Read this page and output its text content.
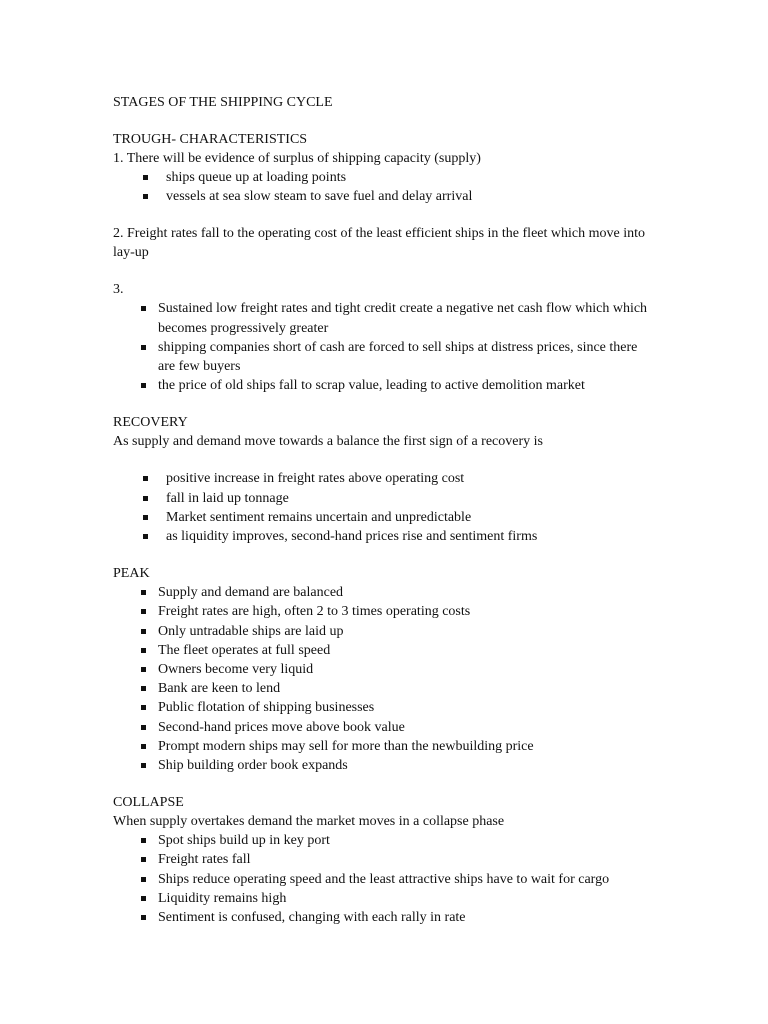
STAGES OF THE SHIPPING CYCLE
TROUGH- CHARACTERISTICS
1. There will be evidence of surplus of shipping capacity (supply)
ships queue up at loading points
vessels at sea slow steam to save fuel and delay arrival
2. Freight rates fall to the operating cost of the least efficient ships in the fleet which move into lay-up
3.
Sustained low freight rates and tight credit create a negative net cash flow which which becomes progressively greater
shipping companies short of cash are forced to sell ships at distress prices, since there are few buyers
the price of old ships fall to scrap value, leading to active demolition market
RECOVERY
As supply and demand move towards a balance the first sign of a recovery is
positive increase in freight rates above operating cost
fall in laid up tonnage
Market sentiment remains uncertain and unpredictable
as liquidity improves, second-hand prices rise and sentiment firms
PEAK
Supply and demand are balanced
Freight rates are high, often 2 to 3 times operating costs
Only untradable ships are laid up
The fleet operates at full speed
Owners become very liquid
Bank are keen to lend
Public flotation of shipping businesses
Second-hand prices move above book value
Prompt modern ships may sell for more than the newbuilding price
Ship building order book expands
COLLAPSE
When supply overtakes demand the market moves in a collapse phase
Spot ships build up in key port
Freight rates fall
Ships reduce operating speed and the least attractive ships have to wait for cargo
Liquidity remains high
Sentiment is confused, changing with each rally in rate
